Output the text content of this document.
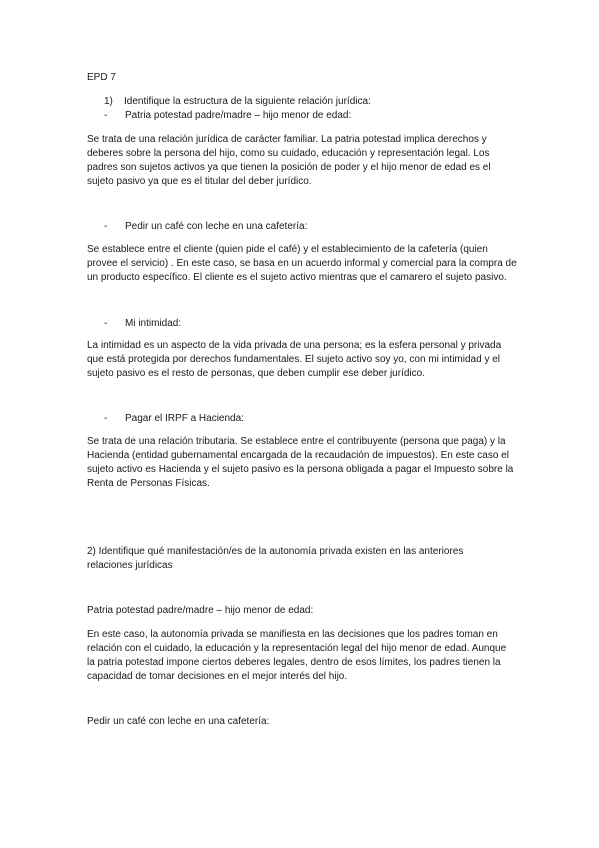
EPD 7
1) Identifique la estructura de la siguiente relación jurídica:
- Patria potestad padre/madre – hijo menor de edad:
Se trata de una relación jurídica de carácter familiar. La patria potestad implica derechos y
deberes sobre la persona del hijo, como su cuidado, educación y representación legal. Los
padres son sujetos activos ya que tienen la posición de poder y el hijo menor de edad es el
sujeto pasivo ya que es el titular del deber jurídico.
- Pedir un café con leche en una cafetería:
Se establece entre el cliente (quien pide el café) y el establecimiento de la cafetería (quien
provee el servicio) . En este caso, se basa en un acuerdo informal y comercial para la compra de
un producto específico. El cliente es el sujeto activo mientras que el camarero el sujeto pasivo.
- Mi intimidad:
La intimidad es un aspecto de la vida privada de una persona; es la esfera personal y privada
que está protegida por derechos fundamentales. El sujeto activo soy yo, con mi intimidad y el
sujeto pasivo es el resto de personas, que deben cumplir ese deber jurídico.
- Pagar el IRPF a Hacienda:
Se trata de una relación tributaria. Se establece entre el contribuyente (persona que paga) y la
Hacienda (entidad gubernamental encargada de la recaudación de impuestos). En este caso el
sujeto activo es Hacienda y el sujeto pasivo es la persona obligada a pagar el Impuesto sobre la
Renta de Personas Físicas.
2) Identifique qué manifestación/es de la autonomía privada existen en las anteriores
relaciones jurídicas
Patria potestad padre/madre – hijo menor de edad:
En este caso, la autonomía privada se manifiesta en las decisiones que los padres toman en
relación con el cuidado, la educación y la representación legal del hijo menor de edad. Aunque
la patria potestad impone ciertos deberes legales, dentro de esos límites, los padres tienen la
capacidad de tomar decisiones en el mejor interés del hijo.
Pedir un café con leche en una cafetería:
